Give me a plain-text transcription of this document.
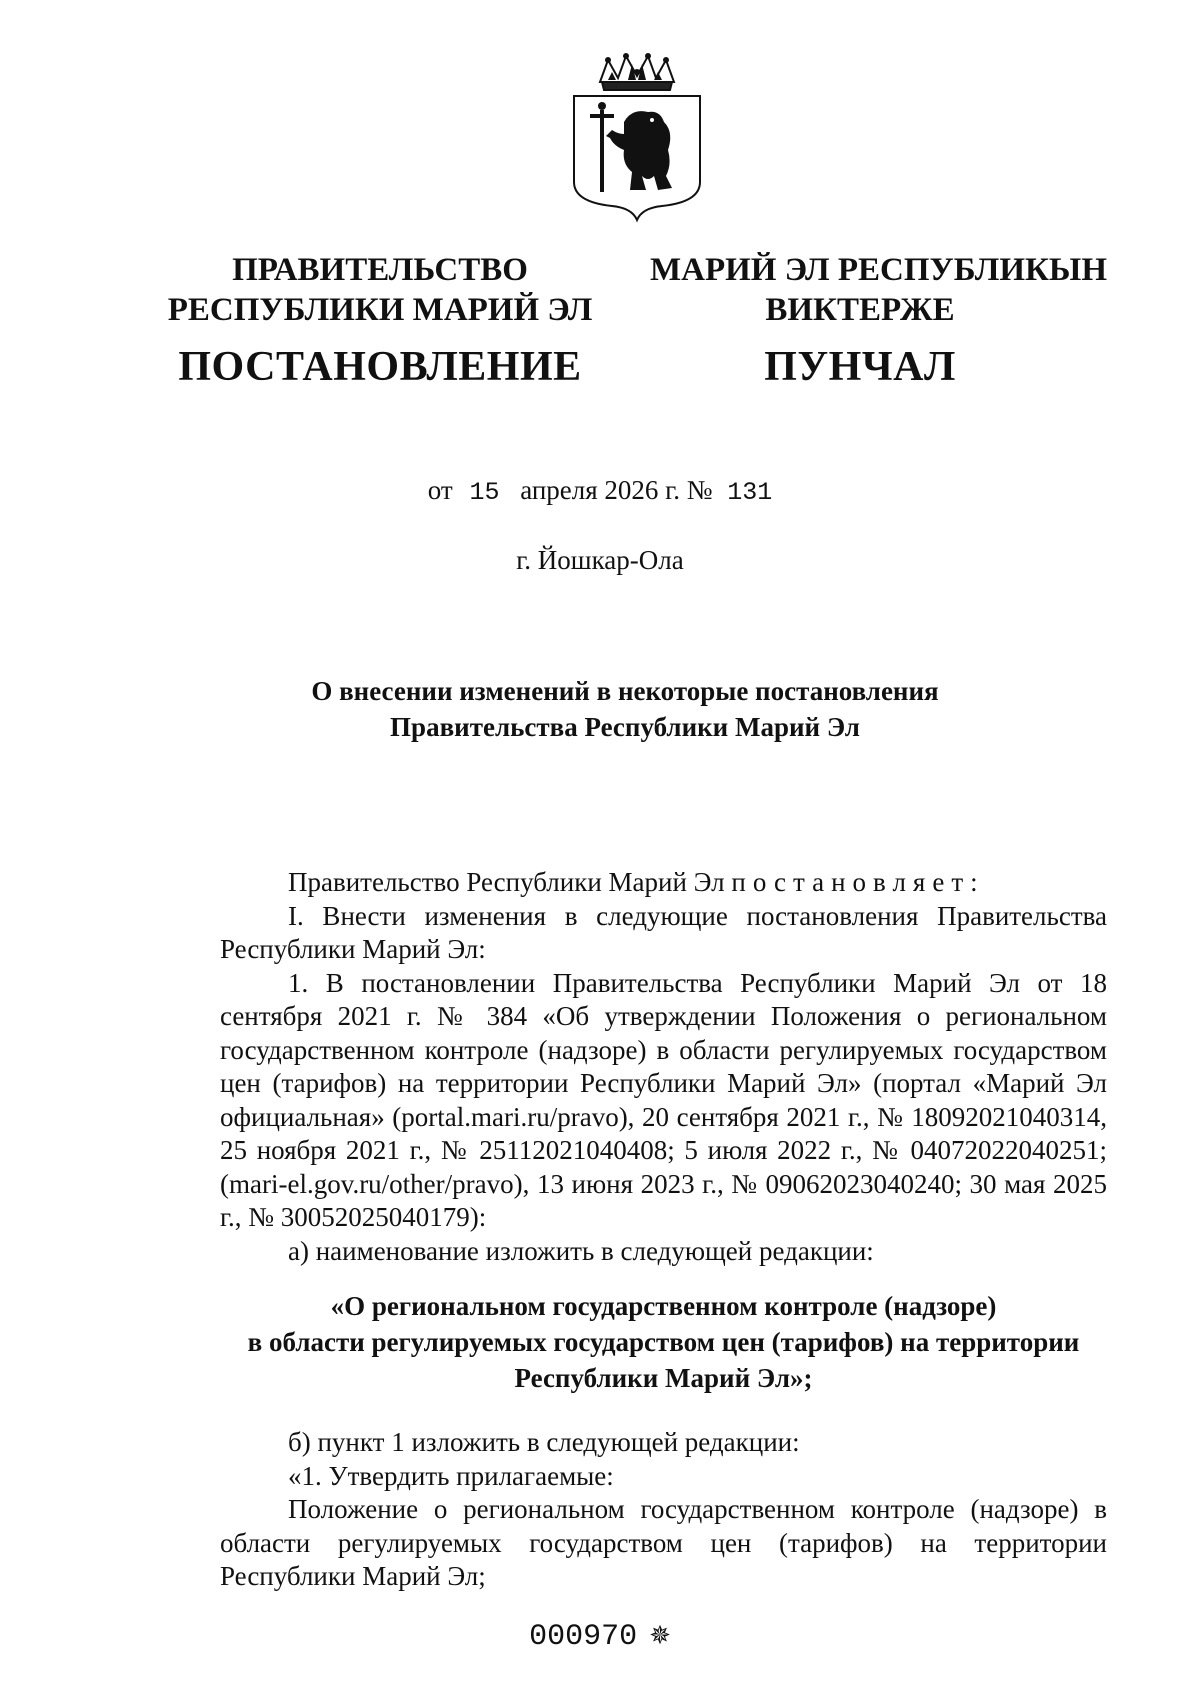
ПРАВИТЕЛЬСТВО
РЕСПУБЛИКИ МАРИЙ ЭЛ
ПОСТАНОВЛЕНИЕ
МАРИЙ ЭЛ РЕСПУБЛИКЫН
ВИКТЕРЖЕ
ПУНЧАЛ
от 15 апреля 2026 г. № 131
г. Йошкар-Ола
О внесении изменений в некоторые постановления
Правительства Республики Марий Эл

Правительство Республики Марий Эл постановляет:

I. Внести изменения в следующие постановления Правительства Республики Марий Эл:

1. В постановлении Правительства Республики Марий Эл от 18 сентября 2021 г. № 384 «Об утверждении Положения о региональном государственном контроле (надзоре) в области регулируемых государством цен (тарифов) на территории Республики Марий Эл» (портал «Марий Эл официальная» (portal.mari.ru/pravo), 20 сентября 2021 г., № 18092021040314, 25 ноября 2021 г., № 25112021040408; 5 июля 2022 г., № 04072022040251; (mari-el.gov.ru/other/pravo), 13 июня 2023 г., № 09062023040240; 30 мая 2025 г., № 30052025040179):

а) наименование изложить в следующей редакции:

«О региональном государственном контроле (надзоре)
в области регулируемых государством цен (тарифов) на территории
Республики Марий Эл»;

б) пункт 1 изложить в следующей редакции:

«1. Утвердить прилагаемые:

Положение о региональном государственном контроле (надзоре) в области регулируемых государством цен (тарифов) на территории Республики Марий Эл;

000970 ✵
